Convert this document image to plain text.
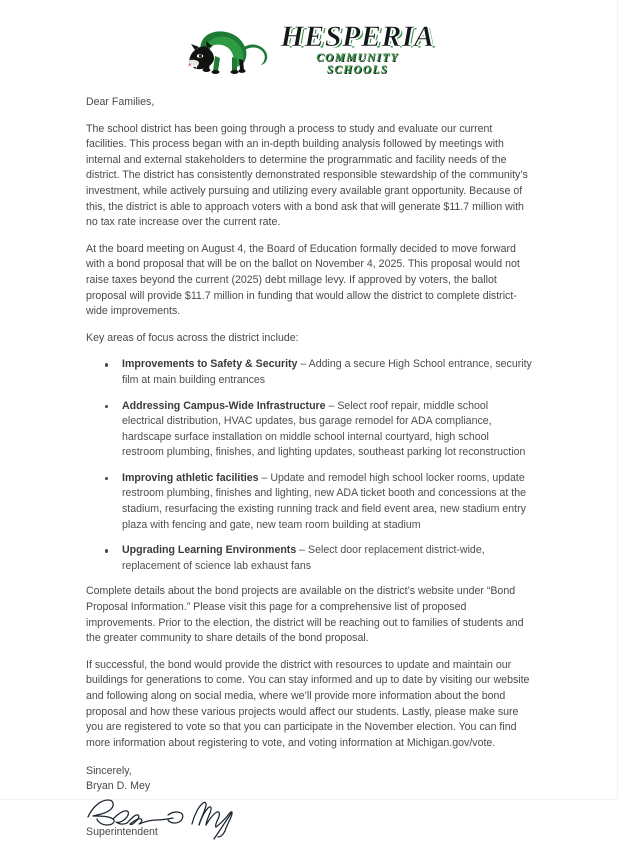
HESPERIA
COMMUNITY
SCHOOLS

Dear Families,

The school district has been going through a process to study and evaluate our current facilities. This process began with an in-depth building analysis followed by meetings with internal and external stakeholders to determine the programmatic and facility needs of the district. The district has consistently demonstrated responsible stewardship of the community’s investment, while actively pursuing and utilizing every available grant opportunity. Because of this, the district is able to approach voters with a bond ask that will generate $11.7 million with no tax rate increase over the current rate.

At the board meeting on August 4, the Board of Education formally decided to move forward with a bond proposal that will be on the ballot on November 4, 2025. This proposal would not raise taxes beyond the current (2025) debt millage levy. If approved by voters, the ballot proposal will provide $11.7 million in funding that would allow the district to complete district-wide improvements.

Key areas of focus across the district include:

Improvements to Safety & Security – Adding a secure High School entrance, security film at main building entrances
Addressing Campus-Wide Infrastructure – Select roof repair, middle school electrical distribution, HVAC updates, bus garage remodel for ADA compliance, hardscape surface installation on middle school internal courtyard, high school restroom plumbing, finishes, and lighting updates, southeast parking lot reconstruction
Improving athletic facilities – Update and remodel high school locker rooms, update restroom plumbing, finishes and lighting, new ADA ticket booth and concessions at the stadium, resurfacing the existing running track and field event area, new stadium entry plaza with fencing and gate, new team room building at stadium
Upgrading Learning Environments – Select door replacement district-wide, replacement of science lab exhaust fans

Complete details about the bond projects are available on the district’s website under “Bond Proposal Information.” Please visit this page for a comprehensive list of proposed improvements. Prior to the election, the district will be reaching out to families of students and the greater community to share details of the bond proposal.

If successful, the bond would provide the district with resources to update and maintain our buildings for generations to come. You can stay informed and up to date by visiting our website and following along on social media, where we’ll provide more information about the bond proposal and how these various projects would affect our students. Lastly, please make sure you are registered to vote so that you can participate in the November election. You can find more information about registering to vote, and voting information at Michigan.gov/vote.

Sincerely,
Bryan D. Mey
Superintendent
